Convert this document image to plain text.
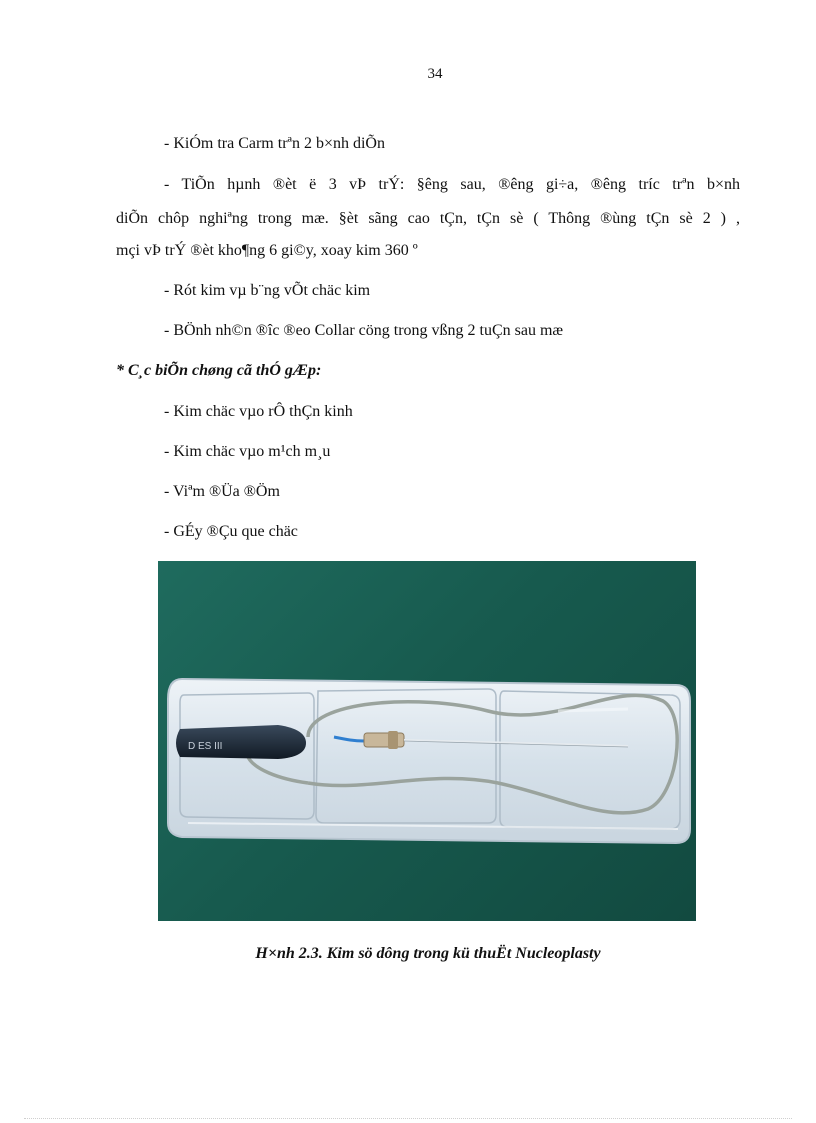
34
- KiÓm tra Carm trªn 2 b×nh diÕn
- TiÕn hµnh ®èt ë 3 vÞ trÝ: §êng sau, ®êng gi÷a, ®êng tríc trªn b×nh
diÕn chôp nghiªng trong mæ. §èt sãng cao tÇn, tÇn sè ( Thông ®ùng tÇn sè 2 ) ,
mçi vÞ trÝ ®èt kho¶ng 6 gi©y, xoay kim 360 º
- Rót kim vµ b¨ng vÕt chäc kim
- BÖnh nh©n ®îc ®eo Collar cöng trong vßng 2 tuÇn sau mæ
* C¸c biÕn chøng cã thÓ gÆp:
- Kim chäc vµo rÔ thÇn kinh
- Kim chäc vµo m¹ch m¸u
- Viªm ®Üa ®Öm
- GÉy ®Çu que chäc
D ES III
H×nh 2.3. Kim sö dông trong kü thuËt Nucleoplasty
